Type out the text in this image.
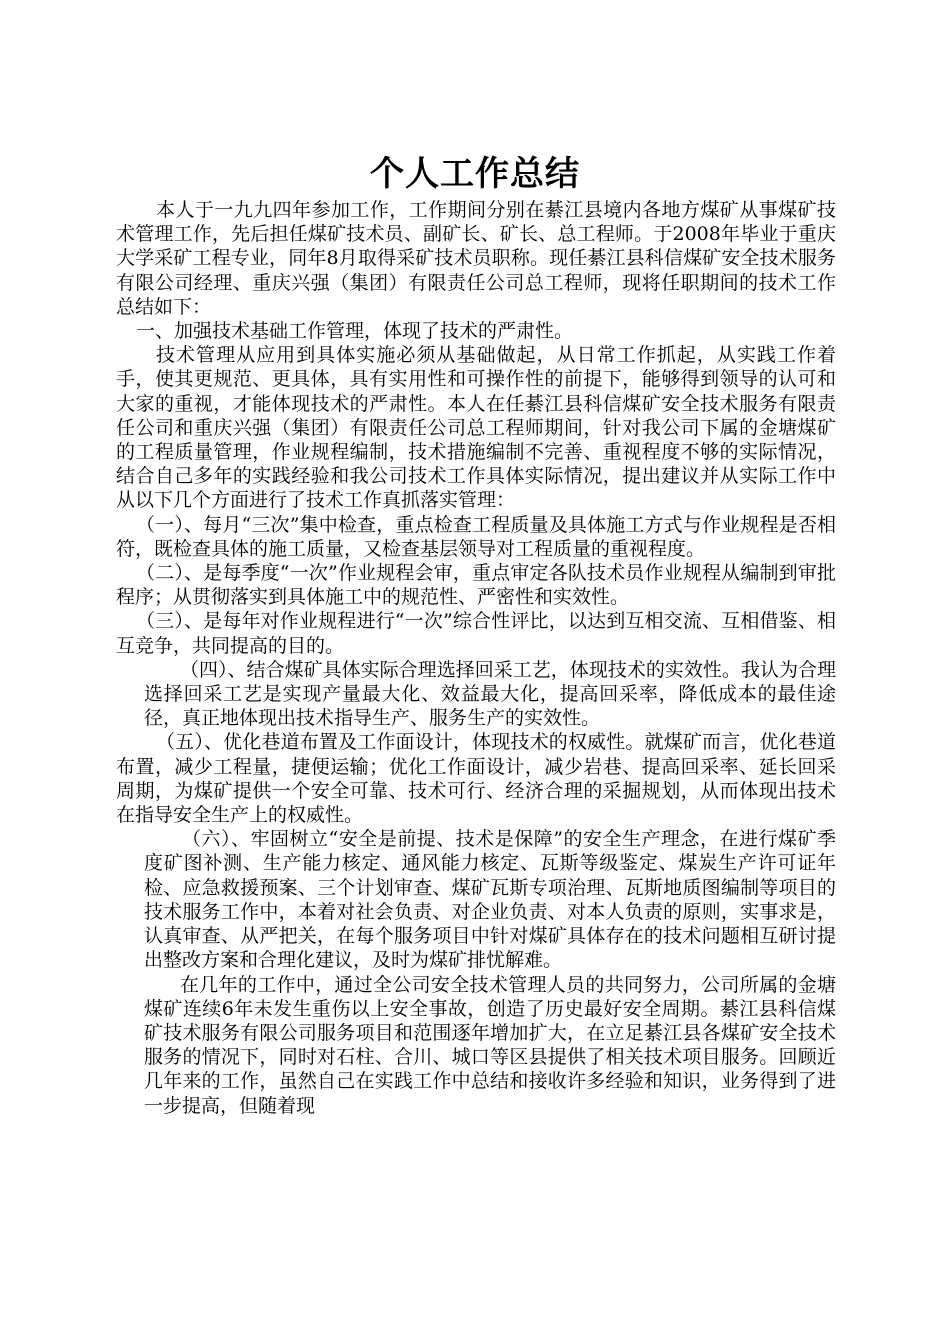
个人工作总结

本人于一九九四年参加工作，工作期间分别在綦江县境内各地方煤矿从事煤矿技术管理工作，先后担任煤矿技术员、副矿长、矿长、总工程师。于2008年毕业于重庆大学采矿工程专业，同年8月取得采矿技术员职称。现任綦江县科信煤矿安全技术服务有限公司经理、重庆兴强（集团）有限责任公司总工程师，现将任职期间的技术工作总结如下：

一、加强技术基础工作管理，体现了技术的严肃性。

技术管理从应用到具体实施必须从基础做起，从日常工作抓起，从实践工作着手，使其更规范、更具体，具有实用性和可操作性的前提下，能够得到领导的认可和大家的重视，才能体现技术的严肃性。本人在任綦江县科信煤矿安全技术服务有限责任公司和重庆兴强（集团）有限责任公司总工程师期间，针对我公司下属的金塘煤矿的工程质量管理，作业规程编制，技术措施编制不完善、重视程度不够的实际情况，结合自己多年的实践经验和我公司技术工作具体实际情况，提出建议并从实际工作中从以下几个方面进行了技术工作真抓落实管理：

（一）、每月“三次”集中检查，重点检查工程质量及具体施工方式与作业规程是否相符，既检查具体的施工质量，又检查基层领导对工程质量的重视程度。

（二）、是每季度“一次”作业规程会审，重点审定各队技术员作业规程从编制到审批程序；从贯彻落实到具体施工中的规范性、严密性和实效性。

（三）、是每年对作业规程进行“一次”综合性评比，以达到互相交流、互相借鉴、相互竞争，共同提高的目的。

（四）、结合煤矿具体实际合理选择回采工艺，体现技术的实效性。我认为合理选择回采工艺是实现产量最大化、效益最大化，提高回采率，降低成本的最佳途径，真正地体现出技术指导生产、服务生产的实效性。

（五）、优化巷道布置及工作面设计，体现技术的权威性。就煤矿而言，优化巷道布置，减少工程量，捷便运输；优化工作面设计，减少岩巷、提高回采率、延长回采周期，为煤矿提供一个安全可靠、技术可行、经济合理的采掘规划，从而体现出技术在指导安全生产上的权威性。

（六）、牢固树立“安全是前提、技术是保障”的安全生产理念，在进行煤矿季度矿图补测、生产能力核定、通风能力核定、瓦斯等级鉴定、煤炭生产许可证年检、应急救援预案、三个计划审查、煤矿瓦斯专项治理、瓦斯地质图编制等项目的技术服务工作中，本着对社会负责、对企业负责、对本人负责的原则，实事求是，认真审查、从严把关，在每个服务项目中针对煤矿具体存在的技术问题相互研讨提出整改方案和合理化建议，及时为煤矿排忧解难。

在几年的工作中，通过全公司安全技术管理人员的共同努力，公司所属的金塘煤矿连续6年未发生重伤以上安全事故，创造了历史最好安全周期。綦江县科信煤矿技术服务有限公司服务项目和范围逐年增加扩大，在立足綦江县各煤矿安全技术服务的情况下，同时对石柱、合川、城口等区县提供了相关技术项目服务。回顾近几年来的工作，虽然自己在实践工作中总结和接收许多经验和知识，业务得到了进一步提高，但随着现
